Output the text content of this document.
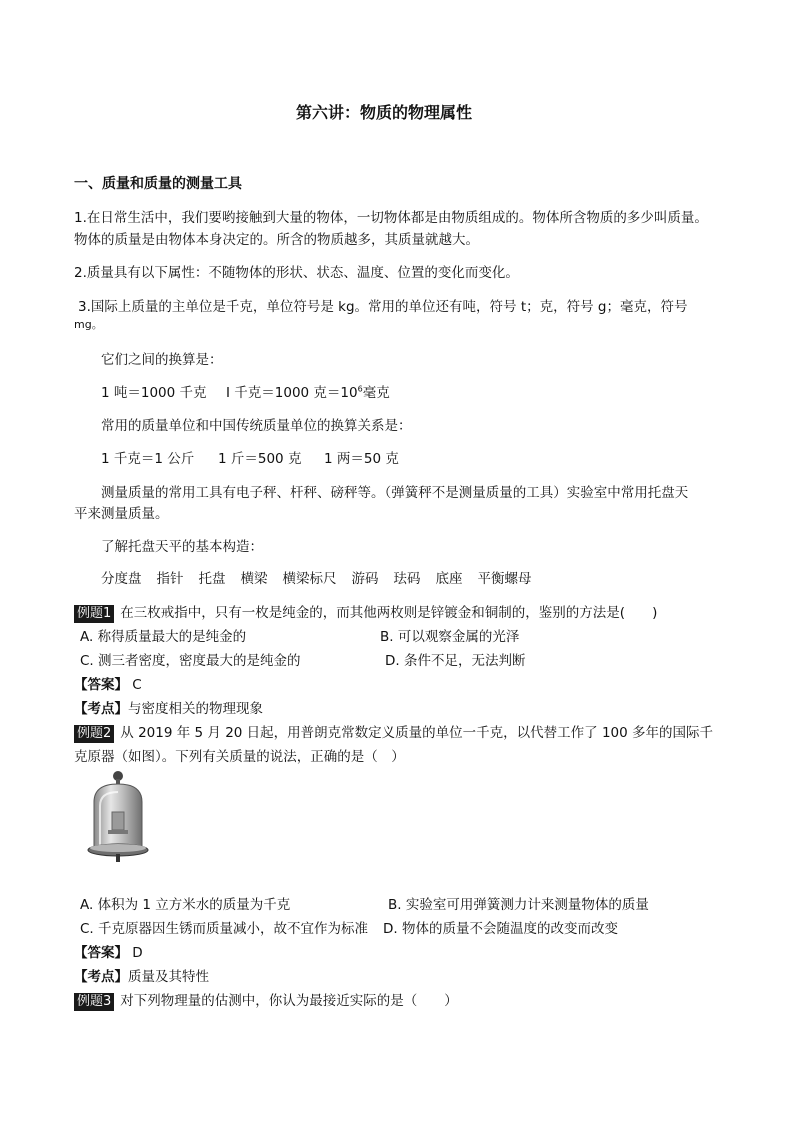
第六讲：物质的物理属性
一、质量和质量的测量工具
1.在日常生活中，我们要哟接触到大量的物体，一切物体都是由物质组成的。物体所含物质的多少叫质量。
物体的质量是由物体本身决定的。所含的物质越多，其质量就越大。
2.质量具有以下属性：不随物体的形状、状态、温度、位置的变化而变化。
3.国际上质量的主单位是千克，单位符号是 kg。常用的单位还有吨，符号 t；克，符号 g；毫克，符号
mg。
它们之间的换算是：
1 吨＝1000 千克 I 千克＝1000 克$=10^6$毫克
常用的质量单位和中国传统质量单位的换算关系是：
1 千克＝1 公斤 1 斤＝500 克 1 两＝50 克
测量质量的常用工具有电子秤、杆秤、磅秤等。（弹簧秤不是测量质量的工具）实验室中常用托盘天
平来测量质量。
了解托盘天平的基本构造：
分度盘 指针 托盘 横梁 横梁标尺 游码 珐码 底座 平衡螺母
例题1 在三枚戒指中，只有一枚是纯金的，而其他两枚则是锌镀金和铜制的，鉴别的方法是(　　)
A. 称得质量最大的是纯金的	B. 可以观察金属的光泽
C. 测三者密度，密度最大的是纯金的	D. 条件不足，无法判断
【答案】 C
【考点】与密度相关的物理现象
例题2 从 2019 年 5 月 20 日起，用普朗克常数定义质量的单位一千克，以代替工作了 100 多年的国际千
克原器（如图）。下列有关质量的说法，正确的是（　）
A. 体积为 1 立方米水的质量为千克	B. 实验室可用弹簧测力计来测量物体的质量
C. 千克原器因生锈而质量减小，故不宜作为标准 D. 物体的质量不会随温度的改变而改变
【答案】 D
【考点】质量及其特性
例题3 对下列物理量的估测中，你认为最接近实际的是（　　）
